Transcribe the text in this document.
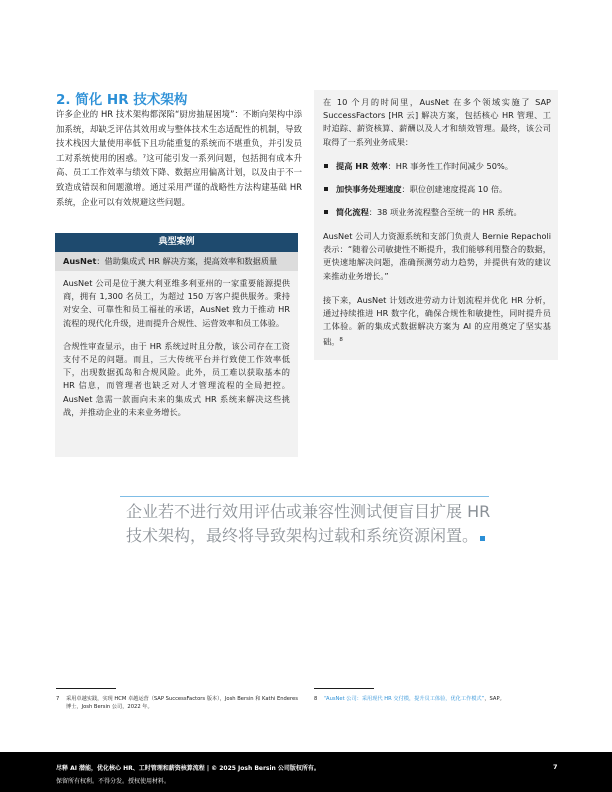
2. 简化 HR 技术架构

许多企业的 HR 技术架构都深陷“厨房抽屉困境”：不断向架构中添加系统，却缺乏评估其效用或与整体技术生态适配性的机制，导致技术栈因大量使用率低下且功能重复的系统而不堪重负，并引发员工对系统使用的困惑。⁷这可能引发一系列问题，包括拥有成本升高、员工工作效率与绩效下降、数据应用偏离计划，以及由于不一致造成错误和间题激增。通过采用严谨的战略性方法构建基础 HR 系统，企业可以有效规避这些问题。

典型案例
AusNet：借助集成式 HR 解决方案，提高效率和数据质量

AusNet 公司是位于澳大利亚维多利亚州的一家重要能源提供商，拥有 1,300 名员工，为超过 150 万客户提供服务。秉持对安全、可靠性和员工福祉的承诺，AusNet 致力于推动 HR 流程的现代化升级，进而提升合规性、运营效率和员工体验。

合规性审查显示，由于 HR 系统过时且分散，该公司存在工资支付不足的问题。而且，三大传统平台并行致使工作效率低下，出现数据孤岛和合规风险。此外，员工难以获取基本的 HR 信息，而管理者也缺乏对人才管理流程的全局把控。AusNet 急需一款面向未来的集成式 HR 系统来解决这些挑战，并推动企业的未来业务增长。

在 10 个月的时间里，AusNet 在多个领域实施了 SAP SuccessFactors [HR 云] 解决方案，包括核心 HR 管理、工时追踪、薪资核算、薪酬以及人才和绩效管理。最终，该公司取得了一系列业务成果：

提高 HR 效率：HR 事务性工作时间减少 50%。
加快事务处理速度：职位创建速度提高 10 倍。
简化流程：38 项业务流程整合至统一的 HR 系统。

AusNet 公司人力资源系统和支部门负责人 Bernie Repacholi 表示：“随着公司敏捷性不断提升，我们能够利用整合的数据，更快速地解决问题，准确预测劳动力趋势，并提供有效的建议来推动业务增长。”

接下来，AusNet 计划改进劳动力计划流程并优化 HR 分析，通过持续推进 HR 数字化，确保合规性和敏捷性，同时提升员工体验。新的集成式数据解决方案为 AI 的应用奠定了坚实基础。$^8$

企业若不进行效用评估或兼容性测试便盲目扩展 HR 技术架构，最终将导致架构过载和系统资源闲置。

7 采用卓越实践，实现 HCM 卓越运营（SAP SuccessFactors 版本），Josh Bersin 和 Kathi Enderes 博士，Josh Bersin 公司，2022 年。
8 “AusNet 公司：采用现代 HR 交付模，提升员工体验，优化工作模式”，SAP。
尽释 AI 潜能，优化核心 HR、工时管理和薪资核算流程 | © 2025 Josh Bersin 公司版权所有。
保留所有权利。不得分发。授权使用材料。
7
